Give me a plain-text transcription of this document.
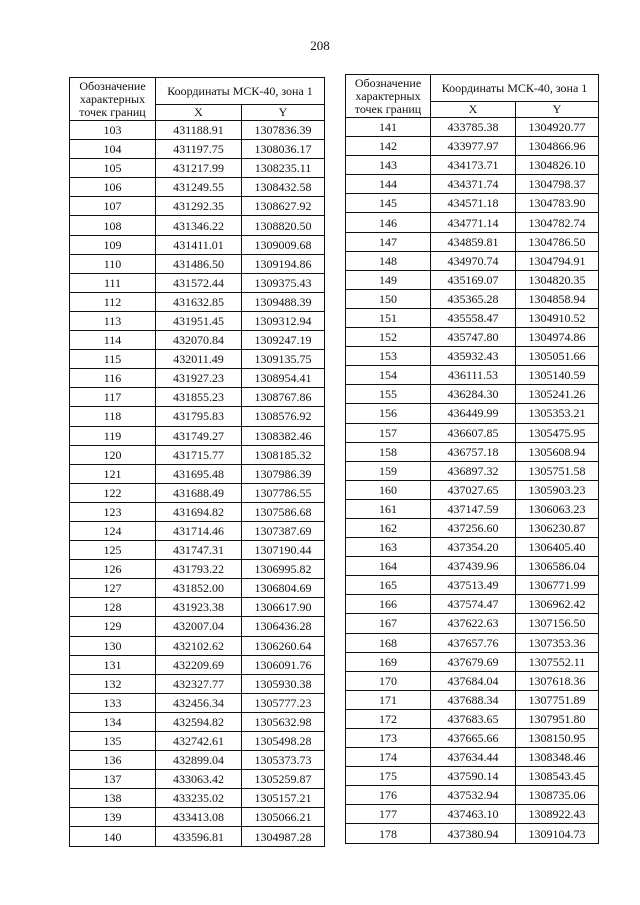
208
Обозначение характерных точек границ	Координаты МСК-40, зона 1	
	X	Y
103	431188.91	1307836.39
104	431197.75	1308036.17
105	431217.99	1308235.11
106	431249.55	1308432.58
107	431292.35	1308627.92
108	431346.22	1308820.50
109	431411.01	1309009.68
110	431486.50	1309194.86
111	431572.44	1309375.43
112	431632.85	1309488.39
113	431951.45	1309312.94
114	432070.84	1309247.19
115	432011.49	1309135.75
116	431927.23	1308954.41
117	431855.23	1308767.86
118	431795.83	1308576.92
119	431749.27	1308382.46
120	431715.77	1308185.32
121	431695.48	1307986.39
122	431688.49	1307786.55
123	431694.82	1307586.68
124	431714.46	1307387.69
125	431747.31	1307190.44
126	431793.22	1306995.82
127	431852.00	1306804.69
128	431923.38	1306617.90
129	432007.04	1306436.28
130	432102.62	1306260.64
131	432209.69	1306091.76
132	432327.77	1305930.38
133	432456.34	1305777.23
134	432594.82	1305632.98
135	432742.61	1305498.28
136	432899.04	1305373.73
137	433063.42	1305259.87
138	433235.02	1305157.21
139	433413.08	1305066.21
140	433596.81	1304987.28
Обозначение характерных точек границ	Координаты МСК-40, зона 1	
	X	Y
141	433785.38	1304920.77
142	433977.97	1304866.96
143	434173.71	1304826.10
144	434371.74	1304798.37
145	434571.18	1304783.90
146	434771.14	1304782.74
147	434859.81	1304786.50
148	434970.74	1304794.91
149	435169.07	1304820.35
150	435365.28	1304858.94
151	435558.47	1304910.52
152	435747.80	1304974.86
153	435932.43	1305051.66
154	436111.53	1305140.59
155	436284.30	1305241.26
156	436449.99	1305353.21
157	436607.85	1305475.95
158	436757.18	1305608.94
159	436897.32	1305751.58
160	437027.65	1305903.23
161	437147.59	1306063.23
162	437256.60	1306230.87
163	437354.20	1306405.40
164	437439.96	1306586.04
165	437513.49	1306771.99
166	437574.47	1306962.42
167	437622.63	1307156.50
168	437657.76	1307353.36
169	437679.69	1307552.11
170	437684.04	1307618.36
171	437688.34	1307751.89
172	437683.65	1307951.80
173	437665.66	1308150.95
174	437634.44	1308348.46
175	437590.14	1308543.45
176	437532.94	1308735.06
177	437463.10	1308922.43
178	437380.94	1309104.73
